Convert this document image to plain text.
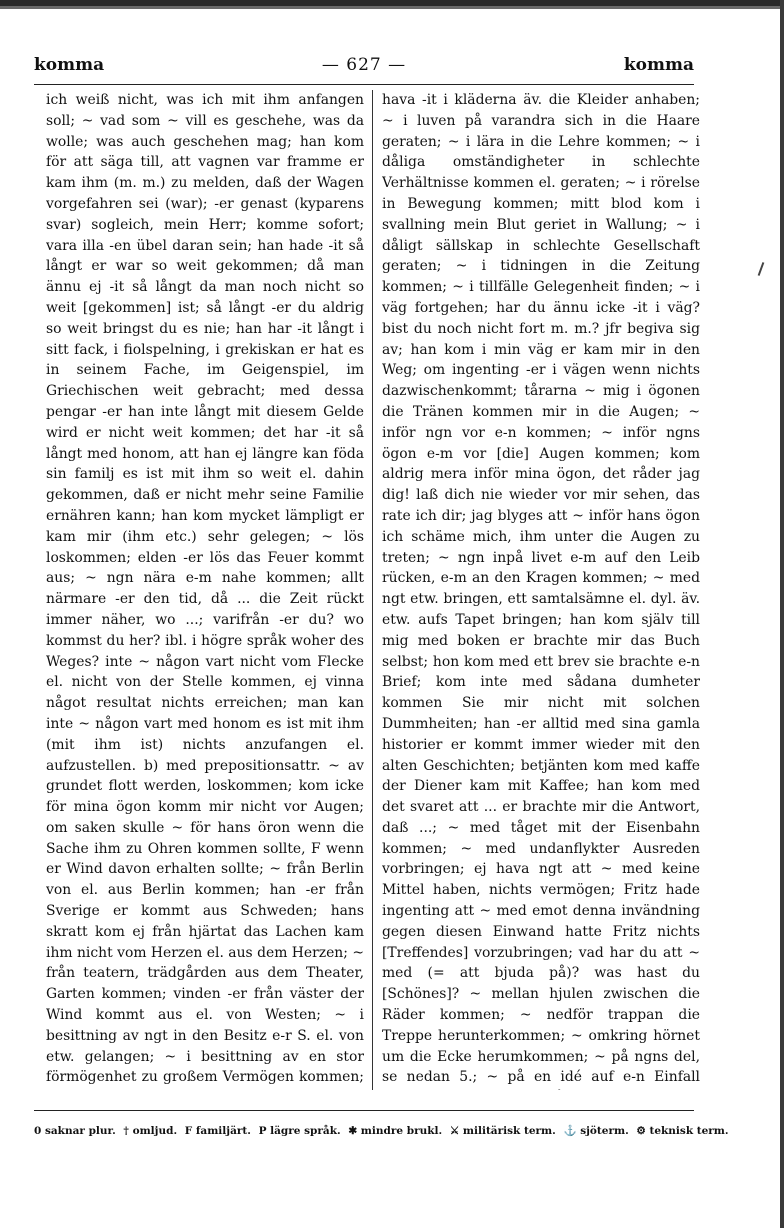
komma	— 627 —	komma

ich weiß nicht, was ich mit ihm anfangen soll; ~ vad som ~ vill es geschehe, was da wolle; was auch geschehen mag; han kom för att säga till, att vagnen var framme er kam ihm (m. m.) zu melden, daß der Wagen vorgefahren sei (war); -er genast (kyparens svar) sogleich, mein Herr; komme sofort; vara illa -en übel daran sein; han hade -it så långt er war so weit gekommen; då man ännu ej -it så långt da man noch nicht so weit [gekommen] ist; så långt -er du aldrig so weit bringst du es nie; han har -it långt i sitt fack, i fiolspelning, i grekiskan er hat es in seinem Fache, im Geigenspiel, im Griechischen weit gebracht; med dessa pengar -er han inte långt mit diesem Gelde wird er nicht weit kommen; det har -it så långt med honom, att han ej längre kan föda sin familj es ist mit ihm so weit el. dahin gekommen, daß er nicht mehr seine Familie ernähren kann; han kom mycket lämpligt er kam mir (ihm etc.) sehr gelegen; ~ lös loskommen; elden -er lös das Feuer kommt aus; ~ ngn nära e-m nahe kommen; allt närmare -er den tid, då ... die Zeit rückt immer näher, wo ...; varifrån -er du? wo kommst du her? ibl. i högre språk woher des Weges? inte ~ någon vart nicht vom Flecke el. nicht von der Stelle kommen, ej vinna något resultat nichts erreichen; man kan inte ~ någon vart med honom es ist mit ihm (mit ihm ist) nichts anzufangen el. aufzustellen. b) med prepositionsattr. ~ av grundet flott werden, loskommen; kom icke för mina ögon komm mir nicht vor Augen; om saken skulle ~ för hans öron wenn die Sache ihm zu Ohren kommen sollte, F wenn er Wind davon erhalten sollte; ~ från Berlin von el. aus Berlin kommen; han -er från Sverige er kommt aus Schweden; hans skratt kom ej från hjärtat das Lachen kam ihm nicht vom Herzen el. aus dem Herzen; ~ från teatern, trädgården aus dem Theater, Garten kommen; vinden -er från väster der Wind kommt aus el. von Westen; ~ i besittning av ngt in den Besitz e-r S. el. von etw. gelangen; ~ i besittning av en stor förmögenhet zu großem Vermögen kommen;

hava -it i kläderna äv. die Kleider anhaben; ~ i luven på varandra sich in die Haare geraten; ~ i lära in die Lehre kommen; ~ i dåliga omständigheter in schlechte Verhältnisse kommen el. geraten; ~ i rörelse in Bewegung kommen; mitt blod kom i svallning mein Blut geriet in Wallung; ~ i dåligt sällskap in schlechte Gesellschaft geraten; ~ i tidningen in die Zeitung kommen; ~ i tillfälle Gelegenheit finden; ~ i väg fortgehen; har du ännu icke -it i väg? bist du noch nicht fort m. m.? jfr begiva sig av; han kom i min väg er kam mir in den Weg; om ingenting -er i vägen wenn nichts dazwischenkommt; tårarna ~ mig i ögonen die Tränen kommen mir in die Augen; ~ inför ngn vor e-n kommen; ~ inför ngns ögon e-m vor [die] Augen kommen; kom aldrig mera inför mina ögon, det råder jag dig! laß dich nie wieder vor mir sehen, das rate ich dir; jag blyges att ~ inför hans ögon ich schäme mich, ihm unter die Augen zu treten; ~ ngn inpå livet e-m auf den Leib rücken, e-m an den Kragen kommen; ~ med ngt etw. bringen, ett samtalsämne el. dyl. äv. etw. aufs Tapet bringen; han kom själv till mig med boken er brachte mir das Buch selbst; hon kom med ett brev sie brachte e-n Brief; kom inte med sådana dumheter kommen Sie mir nicht mit solchen Dummheiten; han -er alltid med sina gamla historier er kommt immer wieder mit den alten Geschichten; betjänten kom med kaffe der Diener kam mit Kaffee; han kom med det svaret att ... er brachte mir die Antwort, daß ...; ~ med tåget mit der Eisenbahn kommen; ~ med undanflykter Ausreden vorbringen; ej hava ngt att ~ med keine Mittel haben, nichts vermögen; Fritz hade ingenting att ~ med emot denna invändning gegen diesen Einwand hatte Fritz nichts [Treffendes] vorzubringen; vad har du att ~ med (= att bjuda på)? was hast du [Schönes]? ~ mellan hjulen zwischen die Räder kommen; ~ nedför trappan die Treppe herunterkommen; ~ omkring hörnet um die Ecke herumkommen; ~ på ngns del, se nedan 5.; ~ på en idé auf e-n Einfall

0 saknar plur. † omljud. F familjärt. P lägre språk. ✱ mindre brukl. ⚔ militärisk term. ⚓ sjöterm. ⚙ teknisk term.
